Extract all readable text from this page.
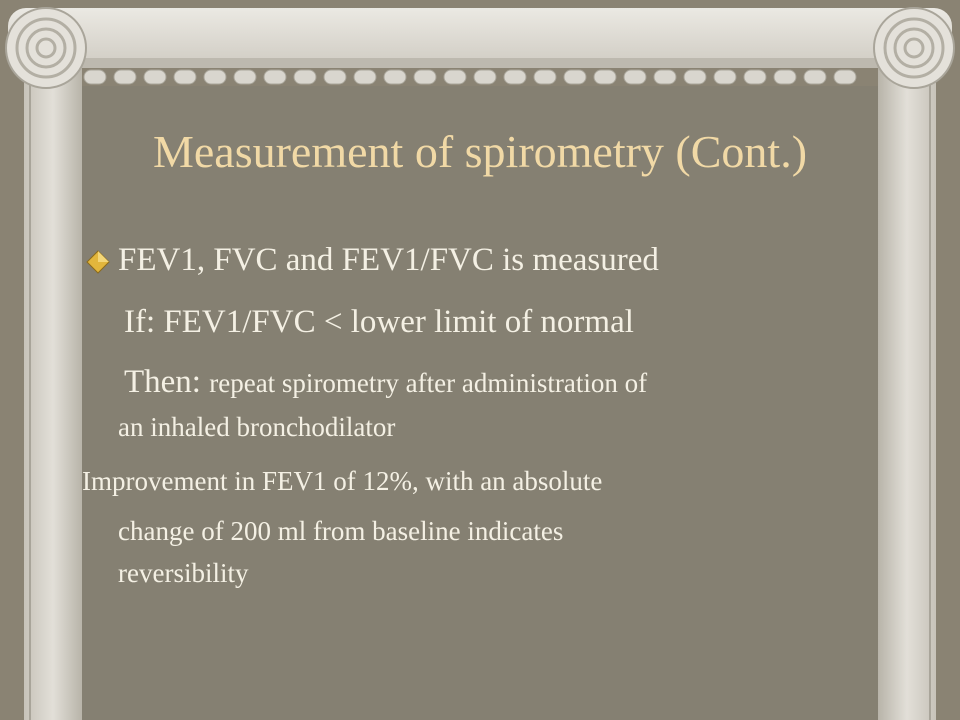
Measurement of spirometry (Cont.)
FEV1, FVC and FEV1/FVC is measured
If: FEV1/FVC < lower limit of normal
Then: repeat spirometry after administration of
an inhaled bronchodilator
Improvement in FEV1 of 12%, with an absolute
change of 200 ml from baseline indicates
reversibility
